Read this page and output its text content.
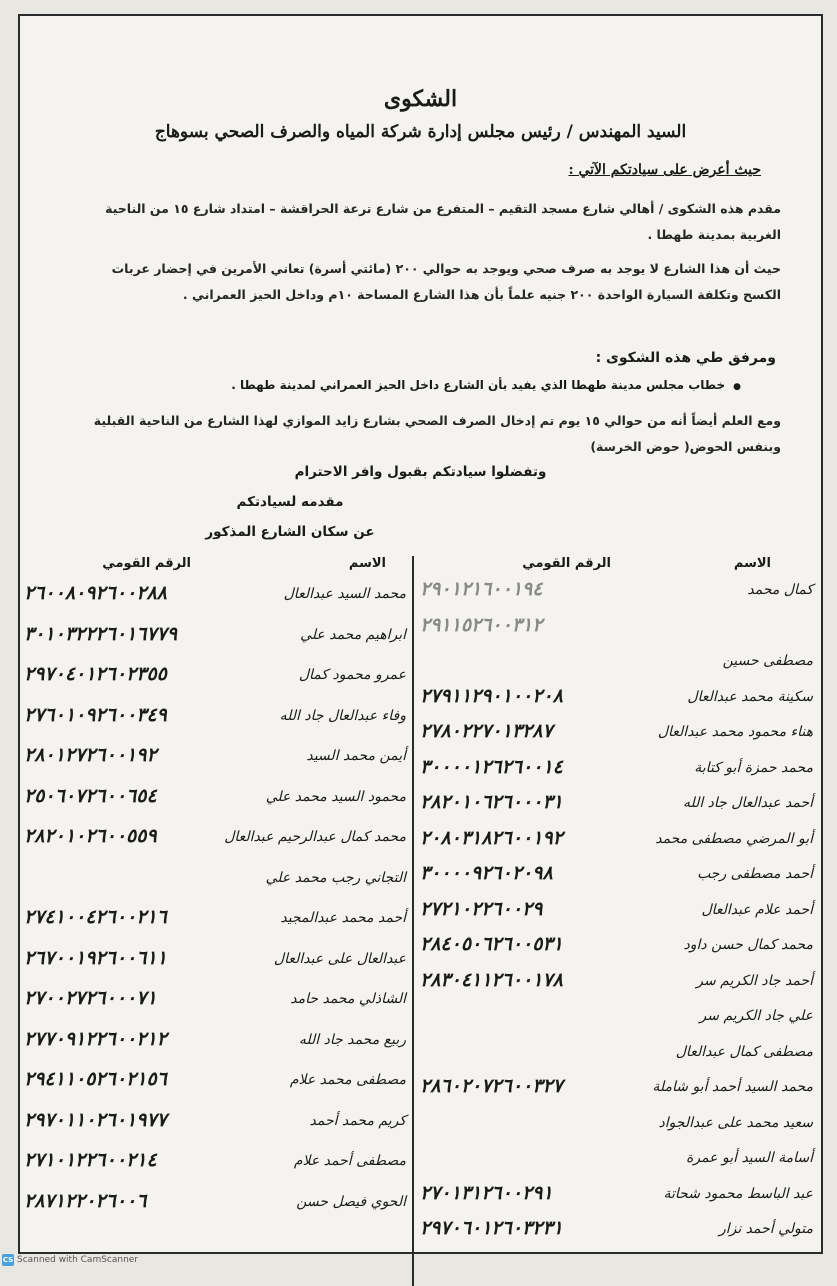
الشكوى
السيد المهندس / رئيس مجلس إدارة شركة المياه والصرف الصحي بسوهاج
حيث أعرض على سيادتكم الآتي :
مقدم هذه الشكوى / أهالي شارع مسجد التقيم – المتفرع من شارع ترعة الحراقشة – امتداد شارع ١٥ من الناحية الغربية بمدينة طهطا .
حيث أن هذا الشارع لا يوجد به صرف صحي ويوجد به حوالي ٢٠٠ (مائتي أسرة) تعاني الأمرين في إحضار عربات الكسح وتكلفة السيارة الواحدة ٢٠٠ جنيه علماً بأن هذا الشارع المساحة ١٠م وداخل الحيز العمراني .
ومرفق طي هذه الشكوى :
● خطاب مجلس مدينة طهطا الذي يفيد بأن الشارع داخل الحيز العمراني لمدينة طهطا .
ومع العلم أيضاً أنه من حوالي ١٥ يوم تم إدخال الصرف الصحي بشارع زايد الموازي لهذا الشارع من الناحية القبلية وبنفس الحوض( حوض الخرسة)
وتفضلوا سيادتكم بقبول وافر الاحترام
مقدمه لسيادتكم
عن سكان الشارع المذكور
الاسم
الرقم القومي
الاسم
الرقم القومي
٢٩٠١٢١٦٠٠١٩٤	كمال محمد
٢٩١١٥٢٦٠٠٣١٢
مصطفى حسين
٢٧٩١١٢٩٠١٠٠٢٠٨	سكينة محمد عبدالعال
٢٧٨٠٢٢٧٠١٣٢٨٧	هناء محمود محمد عبدالعال
٣٠٠٠٠١٢٦٢٦٠٠١٤	محمد حمزة أبو كتابة
٢٨٢٠١٠٦٢٦٠٠٠٣١	أحمد عبدالعال جاد الله
٢٠٨٠٣١٨٢٦٠٠١٩٢	أبو المرضي مصطفى محمد
٣٠٠٠٠٩٢٦٠٢٠٩٨	أحمد مصطفى رجب
٢٧٢١٠٢٢٦٠٠٢٩	أحمد علام عبدالعال
٢٨٤٠٥٠٦٢٦٠٠٥٣١	محمد كمال حسن داود
٢٨٣٠٤١١٢٦٠٠١٧٨	أحمد جاد الكريم سر
علي جاد الكريم سر
مصطفى كمال عبدالعال
٢٨٦٠٢٠٧٢٦٠٠٣٢٧	محمد السيد أحمد أبو شاملة
سعيد محمد على عبدالجواد
أسامة السيد أبو عمرة
٢٧٠١٣١٢٦٠٠٢٩١	عبد الباسط محمود شحاتة
٢٩٧٠٦٠١٢٦٠٣٢٣١	متولي أحمد نزار
٢٦٠٠٨٠٩٢٦٠٠٢٨٨	محمد السيد عبدالعال
٣٠١٠٣٢٢٢٦٠١٦٧٧٩	ابراهيم محمد علي
٢٩٧٠٤٠١٢٦٠٢٣٥٥	عمرو محمود كمال
٢٧٦٠١٠٩٢٦٠٠٣٤٩	وفاء عبدالعال جاد الله
٢٨٠١٢٧٢٦٠٠١٩٢	أيمن محمد السيد
٢٥٠٦٠٧٢٦٠٠٦٥٤	محمود السيد محمد علي
٢٨٢٠١٠٢٦٠٠٥٥٩	محمد كمال عبدالرحيم عبدالعال
التجاني رجب محمد علي
٢٧٤١٠٠٤٢٦٠٠٢١٦	أحمد محمد عبدالمجيد
٢٦٧٠٠١٩٢٦٠٠٦١١	عبدالعال على عبدالعال
٢٧٠٠٢٧٢٦٠٠٠٧١	الشاذلي محمد حامد
٢٧٧٠٩١٢٢٦٠٠٢١٢	ربيع محمد جاد الله
٢٩٤١١٠٥٢٦٠٢١٥٦	مصطفى محمد علام
٢٩٧٠١١٠٢٦٠١٩٧٧	كريم محمد أحمد
٢٧١٠١٢٢٦٠٠٢١٤	مصطفى أحمد علام
٢٨٧١٢٢٠٢٦٠٠٦	الحوي فيصل حسن
CS Scanned with CamScanner
